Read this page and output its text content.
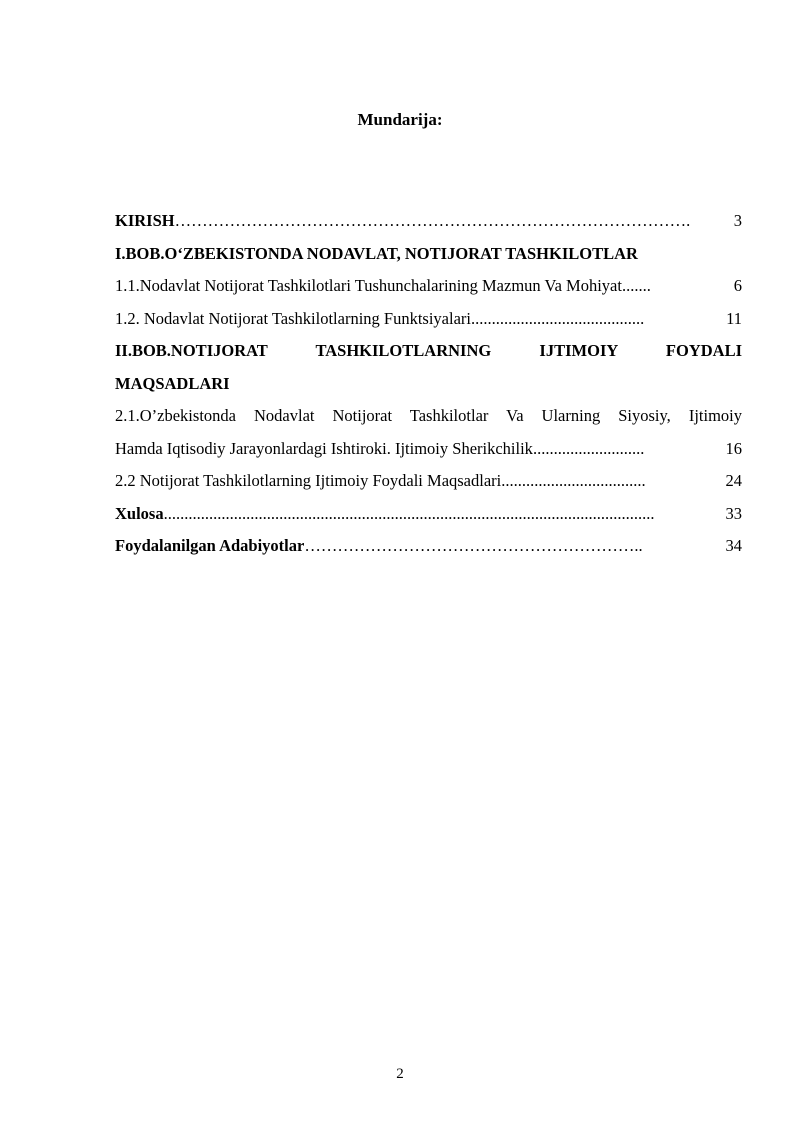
Mundarija:
KIRISH ………………………………………………………………………………….	3
I.BOB.O‘ZBEKISTONDA NODAVLAT, NOTIJORAT TASHKILOTLAR
1.1.Nodavlat Notijorat Tashkilotlari Tushunchalarining Mazmun Va Mohiyat .......	6
1.2. Nodavlat Notijorat Tashkilotlarning Funktsiyalari ..........................................	11
II.BOB.NOTIJORAT TASHKILOTLARNING IJTIMOIY FOYDALI
MAQSADLARI
2.1.O’zbekistonda Nodavlat Notijorat Tashkilotlar Va Ularning Siyosiy, Ijtimoiy
Hamda Iqtisodiy Jarayonlardagi Ishtiroki. Ijtimoiy Sherikchilik ...........................	16
2.2 Notijorat Tashkilotlarning Ijtimoiy Foydali Maqsadlari ...................................	24
Xulosa .......................................................................................................................	33
Foydalanilgan Adabiyotlar ……………………………………………………..	34
2
